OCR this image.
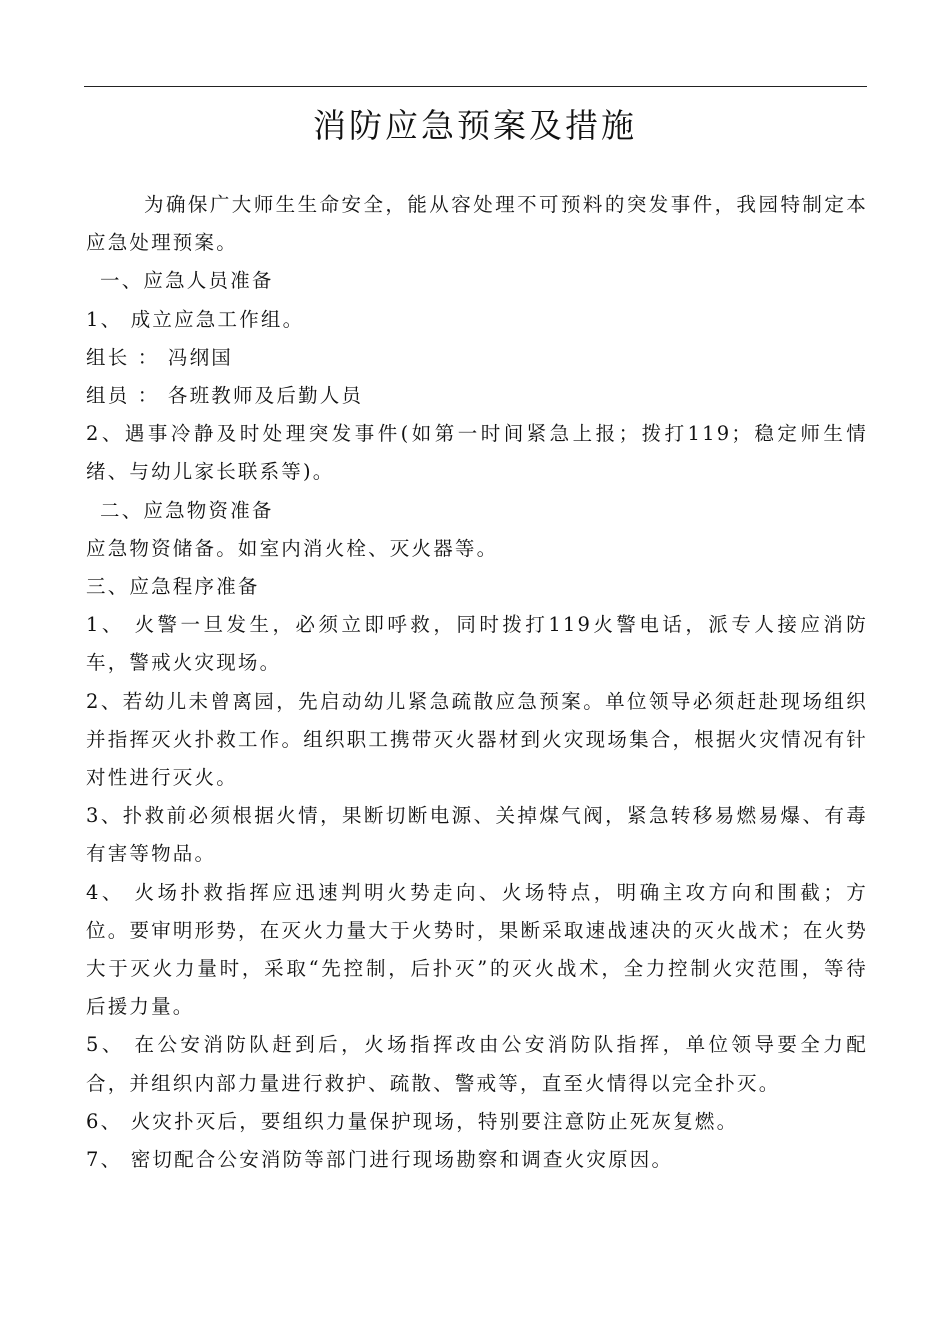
消防应急预案及措施

为确保广大师生生命安全，能从容处理不可预料的突发事件，我园特制定本应急处理预案。

一、应急人员准备

1、 成立应急工作组。

组长 ： 冯纲国

组员 ： 各班教师及后勤人员

2、遇事冷静及时处理突发事件(如第一时间紧急上报；拨打119；稳定师生情绪、与幼儿家长联系等)。

二、应急物资准备

应急物资储备。如室内消火栓、灭火器等。

三、应急程序准备

1、 火警一旦发生，必须立即呼救，同时拨打119火警电话，派专人接应消防车，警戒火灾现场。

2、若幼儿未曾离园，先启动幼儿紧急疏散应急预案。单位领导必须赶赴现场组织并指挥灭火扑救工作。组织职工携带灭火器材到火灾现场集合，根据火灾情况有针对性进行灭火。

3、扑救前必须根据火情，果断切断电源、关掉煤气阀，紧急转移易燃易爆、有毒有害等物品。

4、 火场扑救指挥应迅速判明火势走向、火场特点，明确主攻方向和围截；方位。要审明形势，在灭火力量大于火势时，果断采取速战速决的灭火战术；在火势大于灭火力量时，采取“先控制，后扑灭”的灭火战术，全力控制火灾范围，等待后援力量。

5、 在公安消防队赶到后，火场指挥改由公安消防队指挥，单位领导要全力配合，并组织内部力量进行救护、疏散、警戒等，直至火情得以完全扑灭。

6、 火灾扑灭后，要组织力量保护现场，特别要注意防止死灰复燃。

7、 密切配合公安消防等部门进行现场勘察和调查火灾原因。
